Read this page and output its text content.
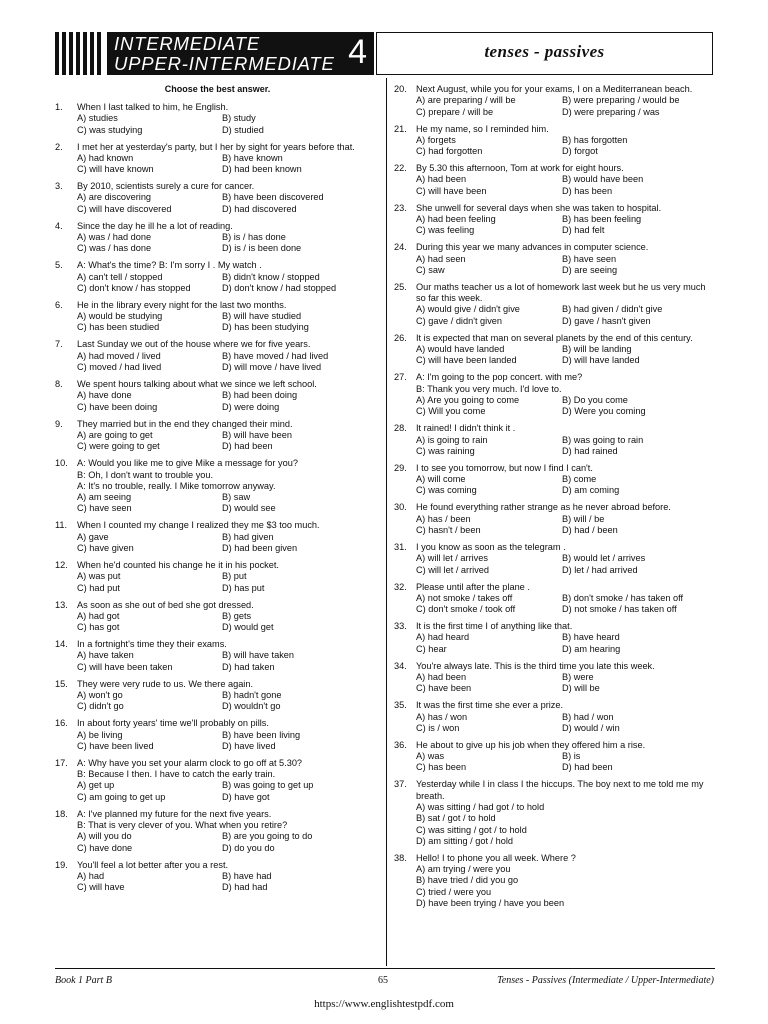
INTERMEDIATE
UPPER-INTERMEDIATE 4	tenses - passives
Choose the best answer.
1. When I last talked to him, he English.
A) studies	B) study
C) was studying	D) studied
2. I met her at yesterday's party, but I her by sight for years before that.
A) had known	B) have known
C) will have known	D) had been known
3. By 2010, scientists surely a cure for cancer.
A) are discovering	B) have been discovered
C) will have discovered	D) had discovered
4. Since the day he ill he a lot of reading.
A) was / had done	B) is / has done
C) was / has done	D) is / is been done
5. A: What's the time? B: I'm sorry I . My watch .
A) can't tell / stopped	B) didn't know / stopped
C) don't know / has stopped	D) don't know / had stopped
6. He in the library every night for the last two months.
A) would be studying	B) will have studied
C) has been studied	D) has been studying
7. Last Sunday we out of the house where we for five years.
A) had moved / lived	B) have moved / had lived
C) moved / had lived	D) will move / have lived
8. We spent hours talking about what we since we left school.
A) have done	B) had been doing
C) have been doing	D) were doing
9. They married but in the end they changed their mind.
A) are going to get	B) will have been
C) were going to get	D) had been
10. A: Would you like me to give Mike a message for you?
B: Oh, I don't want to trouble you.
A: It's no trouble, really. I Mike tomorrow anyway.
A) am seeing	B) saw
C) have seen	D) would see
11. When I counted my change I realized they me $3 too much.
A) gave	B) had given
C) have given	D) had been given
12. When he'd counted his change he it in his pocket.
A) was put	B) put
C) had put	D) has put
13. As soon as she out of bed she got dressed.
A) had got	B) gets
C) has got	D) would get
14. In a fortnight's time they their exams.
A) have taken	B) will have taken
C) will have been taken	D) had taken
15. They were very rude to us. We there again.
A) won't go	B) hadn't gone
C) didn't go	D) wouldn't go
16. In about forty years' time we'll probably on pills.
A) be living	B) have been living
C) have been lived	D) have lived
17. A: Why have you set your alarm clock to go off at 5.30?
B: Because I then. I have to catch the early train.
A) get up	B) was going to get up
C) am going to get up	D) have got
18. A: I've planned my future for the next five years.
B: That is very clever of you. What when you retire?
A) will you do	B) are you going to do
C) have done	D) do you do
19. You'll feel a lot better after you a rest.
A) had	B) have had
C) will have	D) had had
20. Next August, while you for your exams, I on a Mediterranean beach.
A) are preparing / will be	B) were preparing / would be
C) prepare / will be	D) were preparing / was
21. He my name, so I reminded him.
A) forgets	B) has forgotten
C) had forgotten	D) forgot
22. By 5.30 this afternoon, Tom at work for eight hours.
A) had been	B) would have been
C) will have been	D) has been
23. She unwell for several days when she was taken to hospital.
A) had been feeling	B) has been feeling
C) was feeling	D) had felt
24. During this year we many advances in computer science.
A) had seen	B) have seen
C) saw	D) are seeing
25. Our maths teacher us a lot of homework last week but he us very much so far this week.
A) would give / didn't give	B) had given / didn't give
C) gave / didn't given	D) gave / hasn't given
26. It is expected that man on several planets by the end of this century.
A) would have landed	B) will be landing
C) will have been landed	D) will have landed
27. A: I'm going to the pop concert. with me?
B: Thank you very much. I'd love to.
A) Are you going to come	B) Do you come
C) Will you come	D) Were you coming
28. It rained! I didn't think it .
A) is going to rain	B) was going to rain
C) was raining	D) had rained
29. I to see you tomorrow, but now I find I can't.
A) will come	B) come
C) was coming	D) am coming
30. He found everything rather strange as he never abroad before.
A) has / been	B) will / be
C) hasn't / been	D) had / been
31. I you know as soon as the telegram .
A) will let / arrives	B) would let / arrives
C) will let / arrived	D) let / had arrived
32. Please until after the plane .
A) not smoke / takes off	B) don't smoke / has taken off
C) don't smoke / took off	D) not smoke / has taken off
33. It is the first time I of anything like that.
A) had heard	B) have heard
C) hear	D) am hearing
34. You're always late. This is the third time you late this week.
A) had been	B) were
C) have been	D) will be
35. It was the first time she ever a prize.
A) has / won	B) had / won
C) is / won	D) would / win
36. He about to give up his job when they offered him a rise.
A) was	B) is
C) has been	D) had been
37. Yesterday while I in class I the hiccups. The boy next to me told me my breath.
A) was sitting / had got / to hold
B) sat / got / to hold
C) was sitting / got / to hold
D) am sitting / got / hold
38. Hello! I to phone you all week. Where ?
A) am trying / were you
B) have tried / did you go
C) tried / were you
D) have been trying / have you been
Book 1 Part B	65	Tenses - Passives (Intermediate / Upper-Intermediate)
https://www.englishtestpdf.com
